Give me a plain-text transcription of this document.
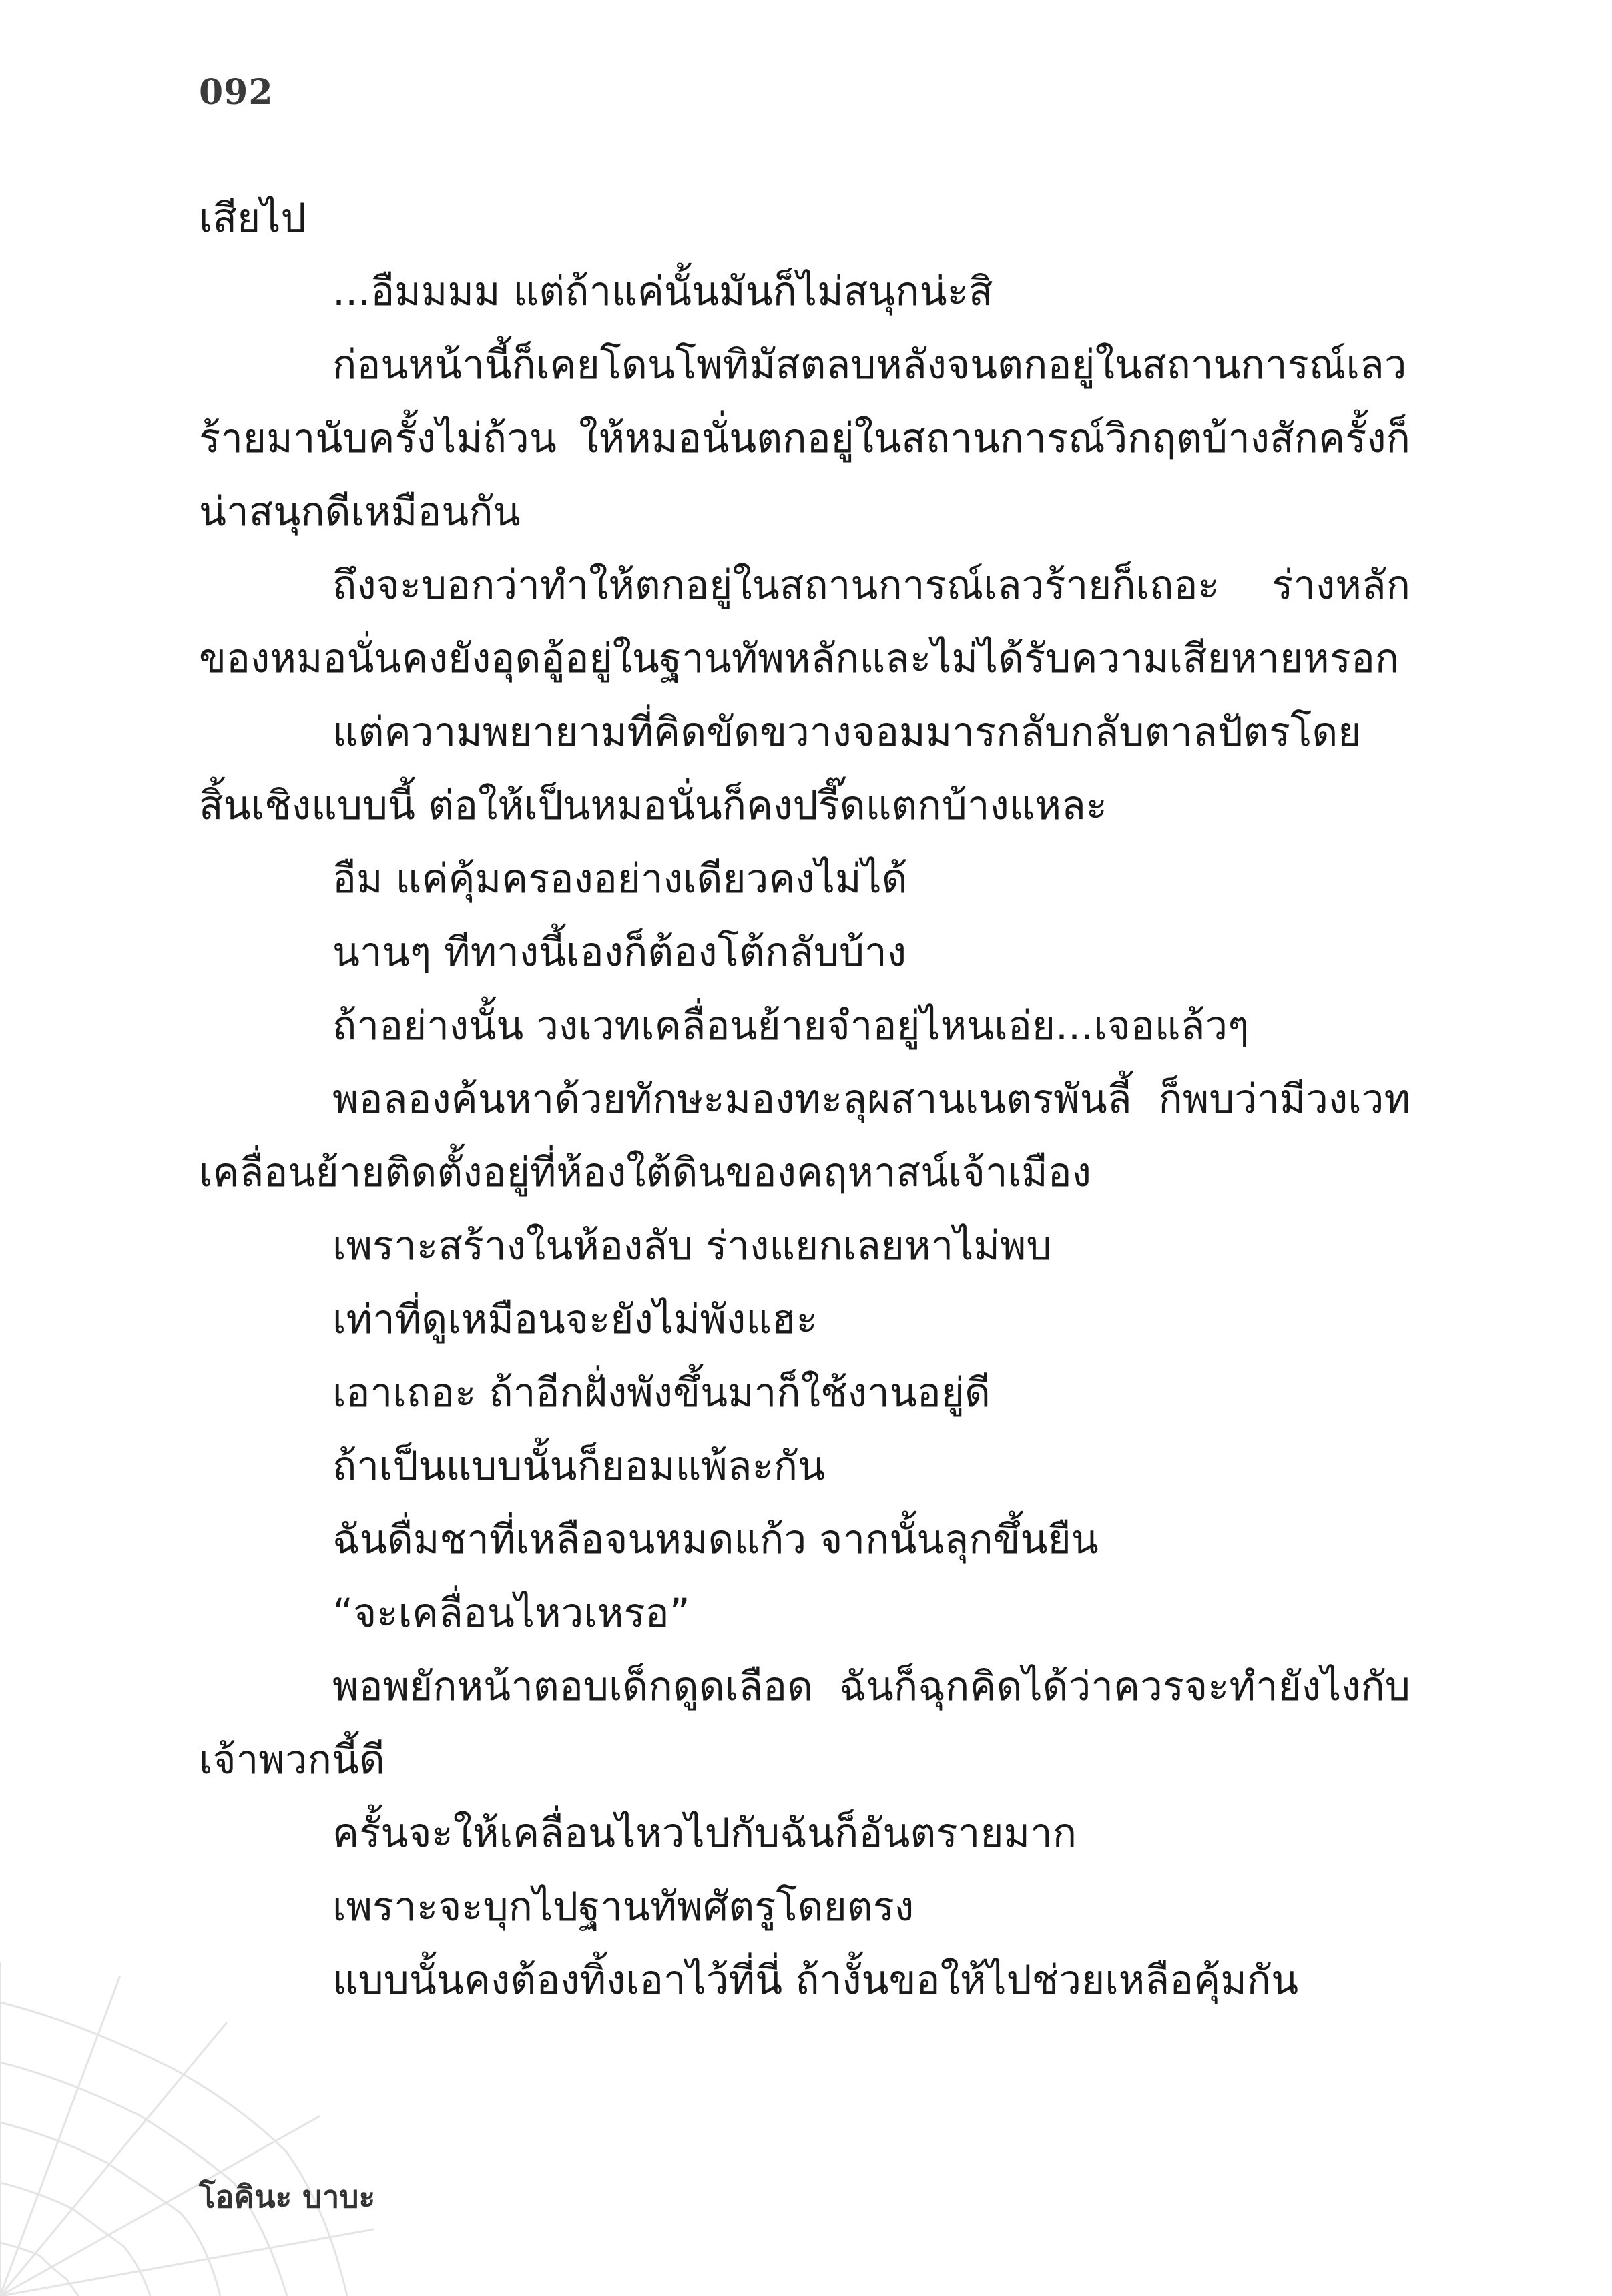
092

เสียไป

...อืมมมม แต่ถ้าแค่นั้นมันก็ไม่สนุกน่ะสิ

ก่อนหน้านี้ก็เคยโดนโพทิมัสตลบหลังจนตกอยู่ในสถานการณ์เลวร้ายมานับครั้งไม่ถ้วน ให้หมอนั่นตกอยู่ในสถานการณ์วิกฤตบ้างสักครั้งก็น่าสนุกดีเหมือนกัน

ถึงจะบอกว่าทำให้ตกอยู่ในสถานการณ์เลวร้ายก็เถอะ ร่างหลักของหมอนั่นคงยังอุดอู้อยู่ในฐานทัพหลักและไม่ได้รับความเสียหายหรอก

แต่ความพยายามที่คิดขัดขวางจอมมารกลับกลับตาลปัตรโดยสิ้นเชิงแบบนี้ ต่อให้เป็นหมอนั่นก็คงปรี๊ดแตกบ้างแหละ

อืม แค่คุ้มครองอย่างเดียวคงไม่ได้

นานๆ ทีทางนี้เองก็ต้องโต้กลับบ้าง

ถ้าอย่างนั้น วงเวทเคลื่อนย้ายจำอยู่ไหนเอ่ย...เจอแล้วๆ

พอลองค้นหาด้วยทักษะมองทะลุผสานเนตรพันลี้ ก็พบว่ามีวงเวทเคลื่อนย้ายติดตั้งอยู่ที่ห้องใต้ดินของคฤหาสน์เจ้าเมือง

เพราะสร้างในห้องลับ ร่างแยกเลยหาไม่พบ

เท่าที่ดูเหมือนจะยังไม่พังแฮะ

เอาเถอะ ถ้าอีกฝั่งพังขึ้นมาก็ใช้งานอยู่ดี

ถ้าเป็นแบบนั้นก็ยอมแพ้ละกัน

ฉันดื่มชาที่เหลือจนหมดแก้ว จากนั้นลุกขึ้นยืน

“จะเคลื่อนไหวเหรอ”

พอพยักหน้าตอบเด็กดูดเลือด ฉันก็ฉุกคิดได้ว่าควรจะทำยังไงกับเจ้าพวกนี้ดี

ครั้นจะให้เคลื่อนไหวไปกับฉันก็อันตรายมาก

เพราะจะบุกไปฐานทัพศัตรูโดยตรง

แบบนั้นคงต้องทิ้งเอาไว้ที่นี่ ถ้างั้นขอให้ไปช่วยเหลือคุ้มกัน

โอคินะ บาบะ
